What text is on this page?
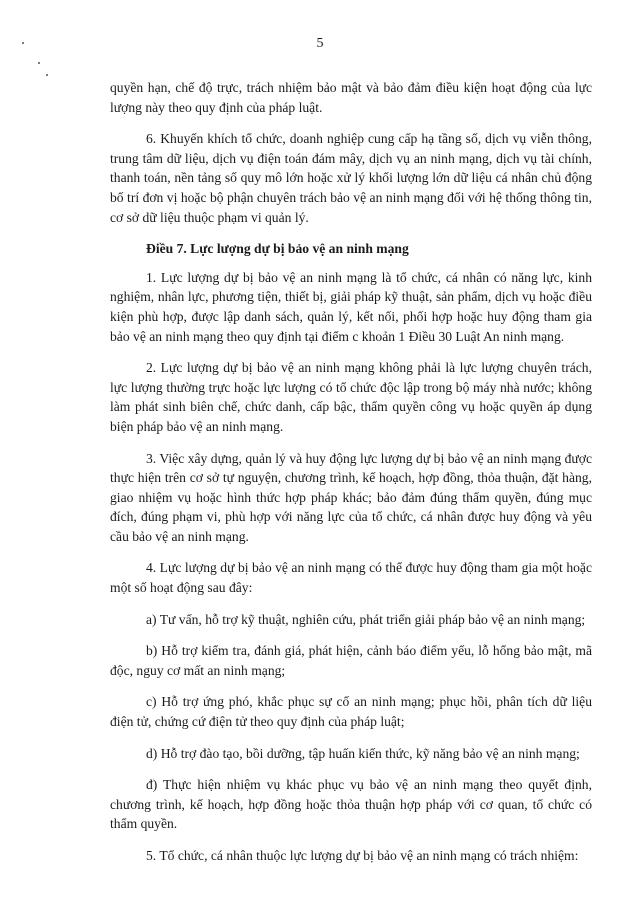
5

quyền hạn, chế độ trực, trách nhiệm bảo mật và bảo đảm điều kiện hoạt động của lực lượng này theo quy định của pháp luật.

6. Khuyến khích tổ chức, doanh nghiệp cung cấp hạ tầng số, dịch vụ viễn thông, trung tâm dữ liệu, dịch vụ điện toán đám mây, dịch vụ an ninh mạng, dịch vụ tài chính, thanh toán, nền tảng số quy mô lớn hoặc xử lý khối lượng lớn dữ liệu cá nhân chủ động bố trí đơn vị hoặc bộ phận chuyên trách bảo vệ an ninh mạng đối với hệ thống thông tin, cơ sở dữ liệu thuộc phạm vi quản lý.

Điều 7. Lực lượng dự bị bảo vệ an ninh mạng

1. Lực lượng dự bị bảo vệ an ninh mạng là tổ chức, cá nhân có năng lực, kinh nghiệm, nhân lực, phương tiện, thiết bị, giải pháp kỹ thuật, sản phẩm, dịch vụ hoặc điều kiện phù hợp, được lập danh sách, quản lý, kết nối, phối hợp hoặc huy động tham gia bảo vệ an ninh mạng theo quy định tại điểm c khoản 1 Điều 30 Luật An ninh mạng.

2. Lực lượng dự bị bảo vệ an ninh mạng không phải là lực lượng chuyên trách, lực lượng thường trực hoặc lực lượng có tổ chức độc lập trong bộ máy nhà nước; không làm phát sinh biên chế, chức danh, cấp bậc, thẩm quyền công vụ hoặc quyền áp dụng biện pháp bảo vệ an ninh mạng.

3. Việc xây dựng, quản lý và huy động lực lượng dự bị bảo vệ an ninh mạng được thực hiện trên cơ sở tự nguyện, chương trình, kế hoạch, hợp đồng, thỏa thuận, đặt hàng, giao nhiệm vụ hoặc hình thức hợp pháp khác; bảo đảm đúng thẩm quyền, đúng mục đích, đúng phạm vi, phù hợp với năng lực của tổ chức, cá nhân được huy động và yêu cầu bảo vệ an ninh mạng.

4. Lực lượng dự bị bảo vệ an ninh mạng có thể được huy động tham gia một hoặc một số hoạt động sau đây:

a) Tư vấn, hỗ trợ kỹ thuật, nghiên cứu, phát triển giải pháp bảo vệ an ninh mạng;

b) Hỗ trợ kiểm tra, đánh giá, phát hiện, cảnh báo điểm yếu, lỗ hổng bảo mật, mã độc, nguy cơ mất an ninh mạng;

c) Hỗ trợ ứng phó, khắc phục sự cố an ninh mạng; phục hồi, phân tích dữ liệu điện tử, chứng cứ điện tử theo quy định của pháp luật;

d) Hỗ trợ đào tạo, bồi dưỡng, tập huấn kiến thức, kỹ năng bảo vệ an ninh mạng;

đ) Thực hiện nhiệm vụ khác phục vụ bảo vệ an ninh mạng theo quyết định, chương trình, kế hoạch, hợp đồng hoặc thỏa thuận hợp pháp với cơ quan, tổ chức có thẩm quyền.

5. Tổ chức, cá nhân thuộc lực lượng dự bị bảo vệ an ninh mạng có trách nhiệm:
